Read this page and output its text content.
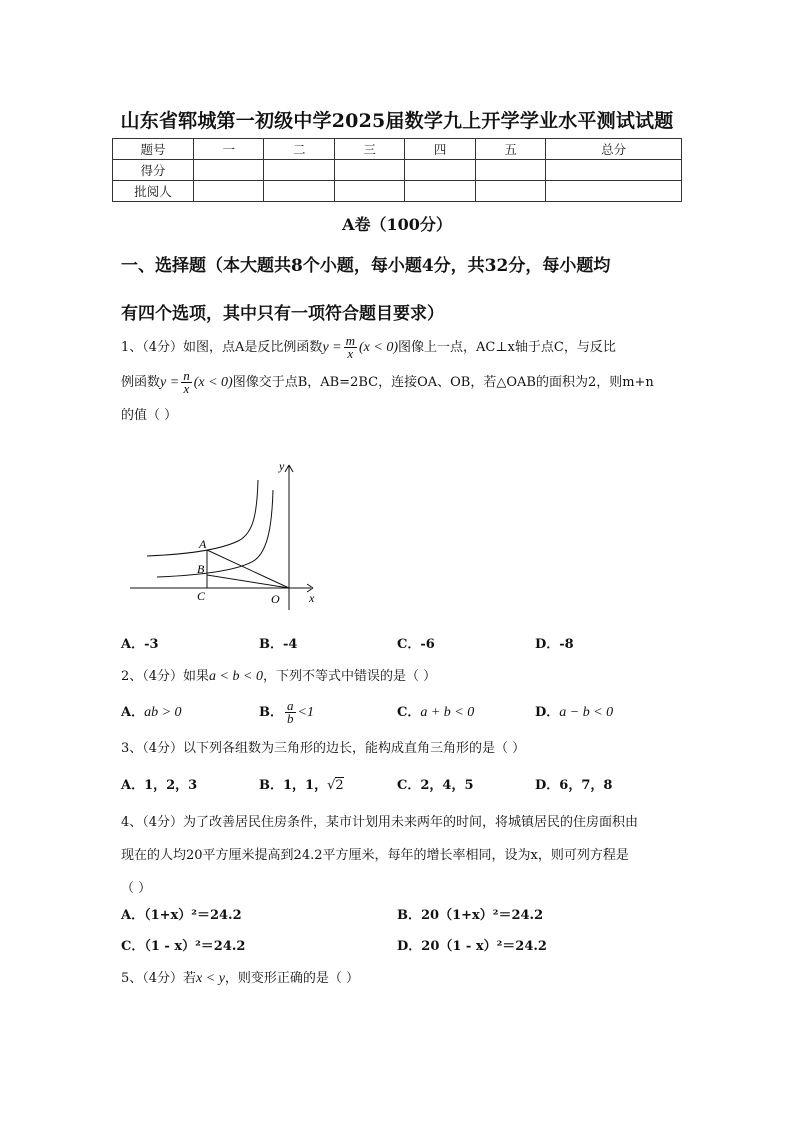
山东省郓城第一初级中学2025届数学九上开学学业水平测试试题
题号	一	二	三	四	五	总分
得分						
批阅人						
A卷（100分）
一、选择题（本大题共8个小题，每小题4分，共32分，每小题均
有四个选项，其中只有一项符合题目要求）
1、（4分）如图，点A是反比例函数$y = \frac{m}{x} (x < 0)$图像上一点，AC⊥x轴于点C，与反比
例函数$y = \frac{n}{x} (x < 0)$图像交于点B，AB=2BC，连接OA、OB，若△OAB的面积为2，则m+n
的值（ ）
y
x
A
B
C	O
A．-3	B．-4	C．-6	D．-8
2、（4分）如果a < b < 0，下列不等式中错误的是（ ）
A．ab > 0	B． $\frac{a}{b} <1$	C．a + b < 0	D．a − b < 0
3、（4分）以下列各组数为三角形的边长，能构成直角三角形的是（ ）
A．1，2，3	B．1，1，√2	C．2，4，5	D．6，7，8
4、（4分）为了改善居民住房条件，某市计划用未来两年的时间，将城镇居民的住房面积由
现在的人均20平方厘米提高到24.2平方厘米，每年的增长率相同，设为x，则可列方程是
（ ）
A．（1+x）²＝24.2	B．20（1+x）²＝24.2
C．（1 - x）²＝24.2	D．20（1 - x）²＝24.2
5、（4分）若x < y，则变形正确的是（ ）
